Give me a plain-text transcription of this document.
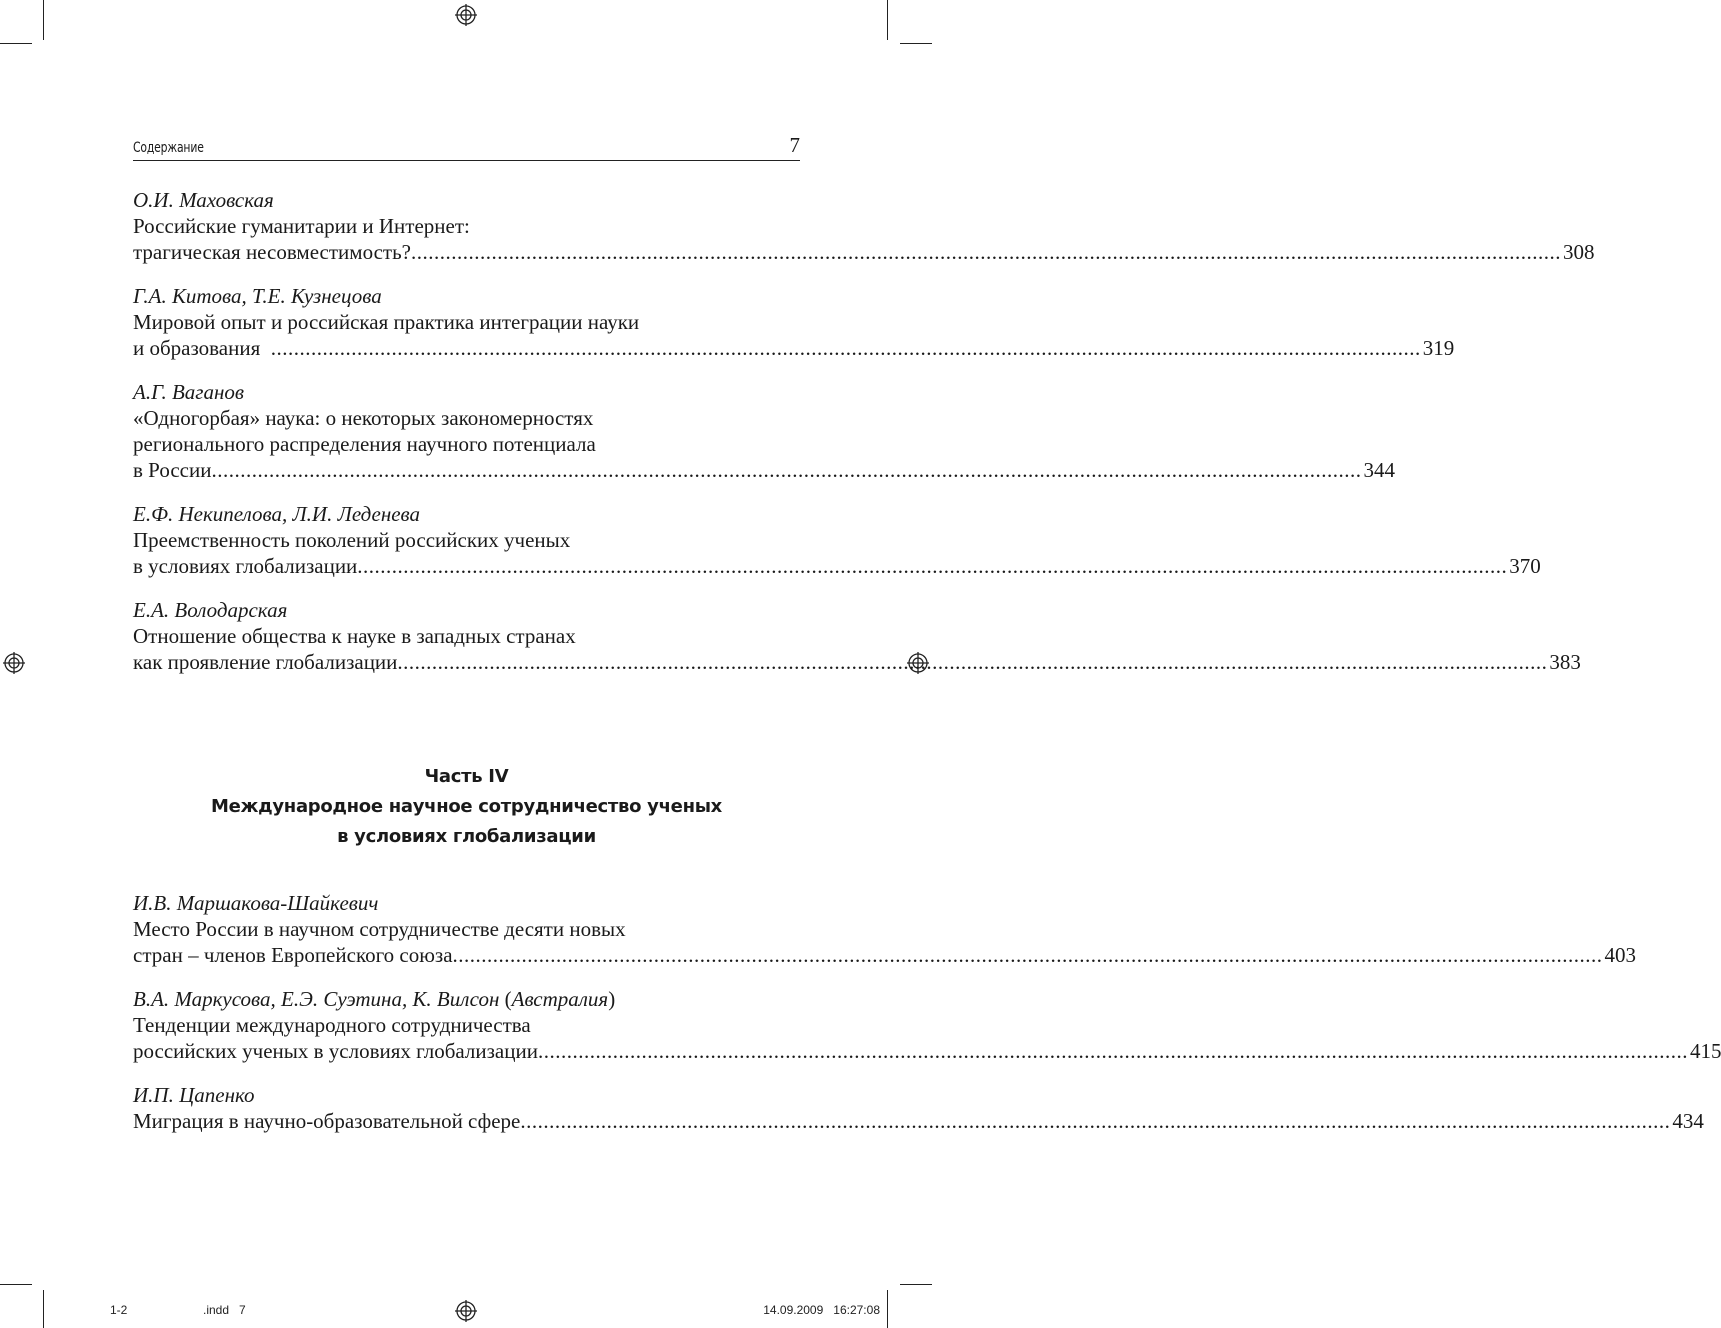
Содержание	7
О.И. Маховская
Российские гуманитарии и Интернет:
трагическая несовместимость? ........................................................................................................................................................................................................ 308
Г.А. Китова, Т.Е. Кузнецова
Мировой опыт и российская практика интеграции науки
и образования ........................................................................................................................................................................................................ 319
А.Г. Ваганов
«Одногорбая» наука: о некоторых закономерностях
регионального распределения научного потенциала
в России ........................................................................................................................................................................................................ 344
Е.Ф. Некипелова, Л.И. Леденева
Преемственность поколений российских ученых
в условиях глобализации ........................................................................................................................................................................................................ 370
Е.А. Володарская
Отношение общества к науке в западных странах
как проявление глобализации ........................................................................................................................................................................................................ 383
Часть IV
Международное научное сотрудничество ученых
в условиях глобализации
И.В. Маршакова-Шайкевич
Место России в научном сотрудничестве десяти новых
стран – членов Европейского союза ........................................................................................................................................................................................................ 403
В.А. Маркусова, Е.Э. Суэтина, К. Вилсон (Австралия)
Тенденции международного сотрудничества
российских ученых в условиях глобализации ........................................................................................................................................................................................................ 415
И.П. Цапенко
Миграция в научно-образовательной сфере ........................................................................................................................................................................................................ 434
1-2	.indd   7	14.09.2009   16:27:08
